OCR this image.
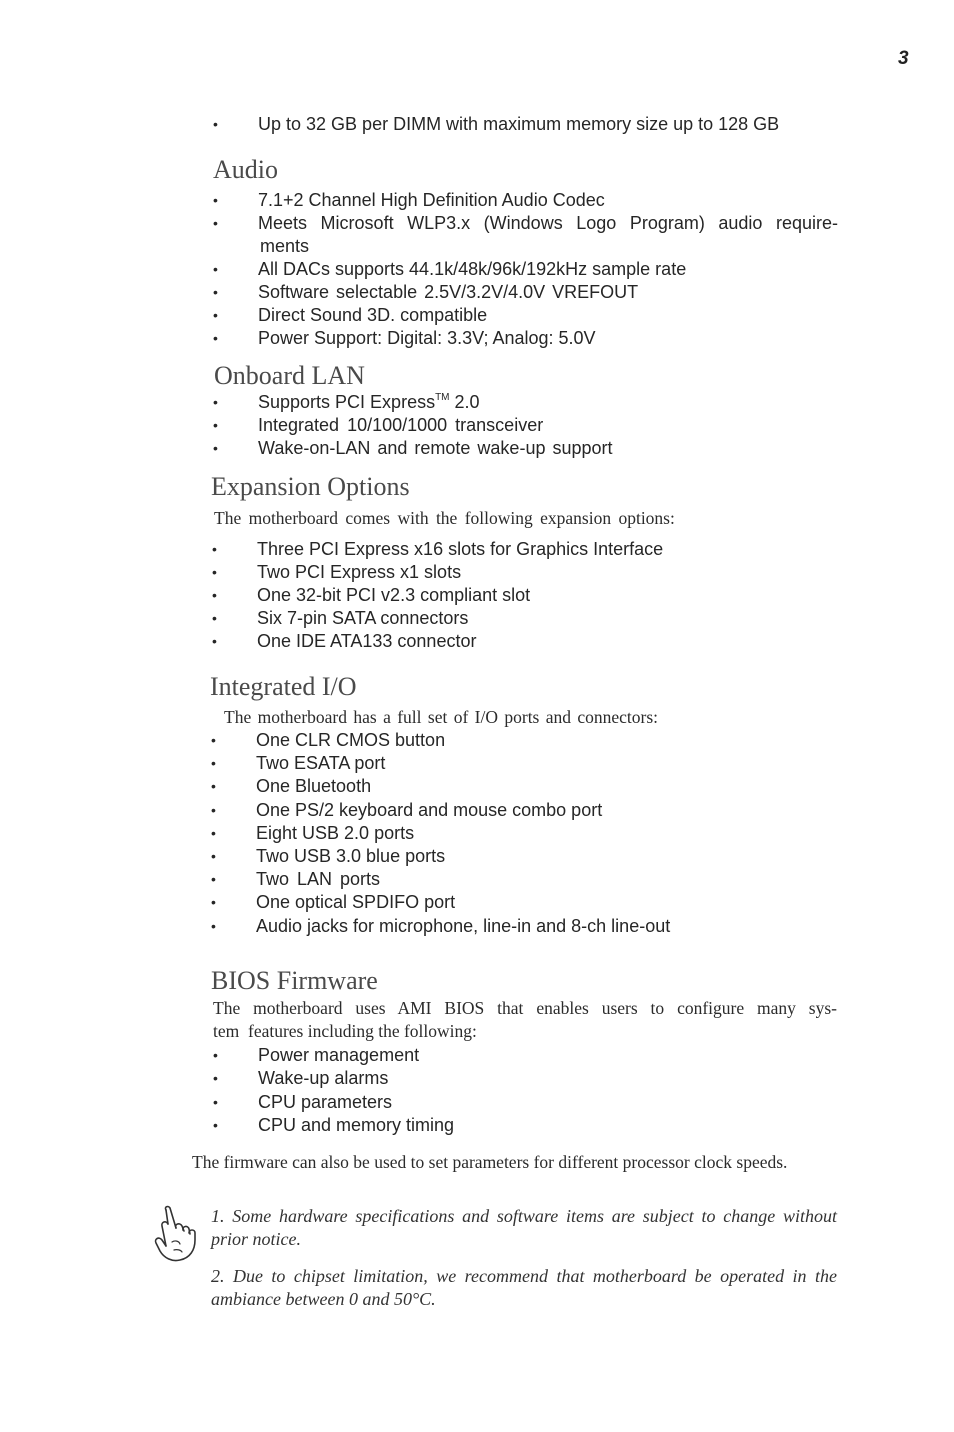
3
• Up to 32 GB per DIMM with maximum memory size up to 128 GB
Audio
• 7.1+2 Channel High Definition Audio Codec
• Meets Microsoft WLP3.x (Windows Logo Program) audio require-
ments
• All DACs supports 44.1k/48k/96k/192kHz sample rate
• Software selectable 2.5V/3.2V/4.0V VREFOUT
• Direct Sound 3D. compatible
• Power Support: Digital: 3.3V; Analog: 5.0V
Onboard LAN
• Supports PCI Express™ 2.0
• Integrated 10/100/1000 transceiver
• Wake-on-LAN and remote wake-up support
Expansion Options
The motherboard comes with the following expansion options:
• Three PCI Express x16 slots for Graphics Interface
• Two PCI Express x1 slots
• One 32-bit PCI v2.3 compliant slot
• Six 7-pin SATA connectors
• One IDE ATA133 connector
Integrated I/O
The motherboard has a full set of I/O ports and connectors:
• One CLR CMOS button
• Two ESATA port
• One Bluetooth
• One PS/2 keyboard and mouse combo port
• Eight USB 2.0 ports
• Two USB 3.0 blue ports
• Two LAN ports
• One optical SPDIFO port
• Audio jacks for microphone, line-in and 8-ch line-out
BIOS Firmware
The motherboard uses AMI BIOS that enables users to configure many sys-
tem  features including the following:
• Power management
• Wake-up alarms
• CPU parameters
• CPU and memory timing
The firmware can also be used to set parameters for different processor clock speeds.
1. Some hardware specifications and software items are subject to change without prior notice.
2. Due to chipset limitation, we recommend that motherboard be operated in the ambiance between 0 and 50°C.
